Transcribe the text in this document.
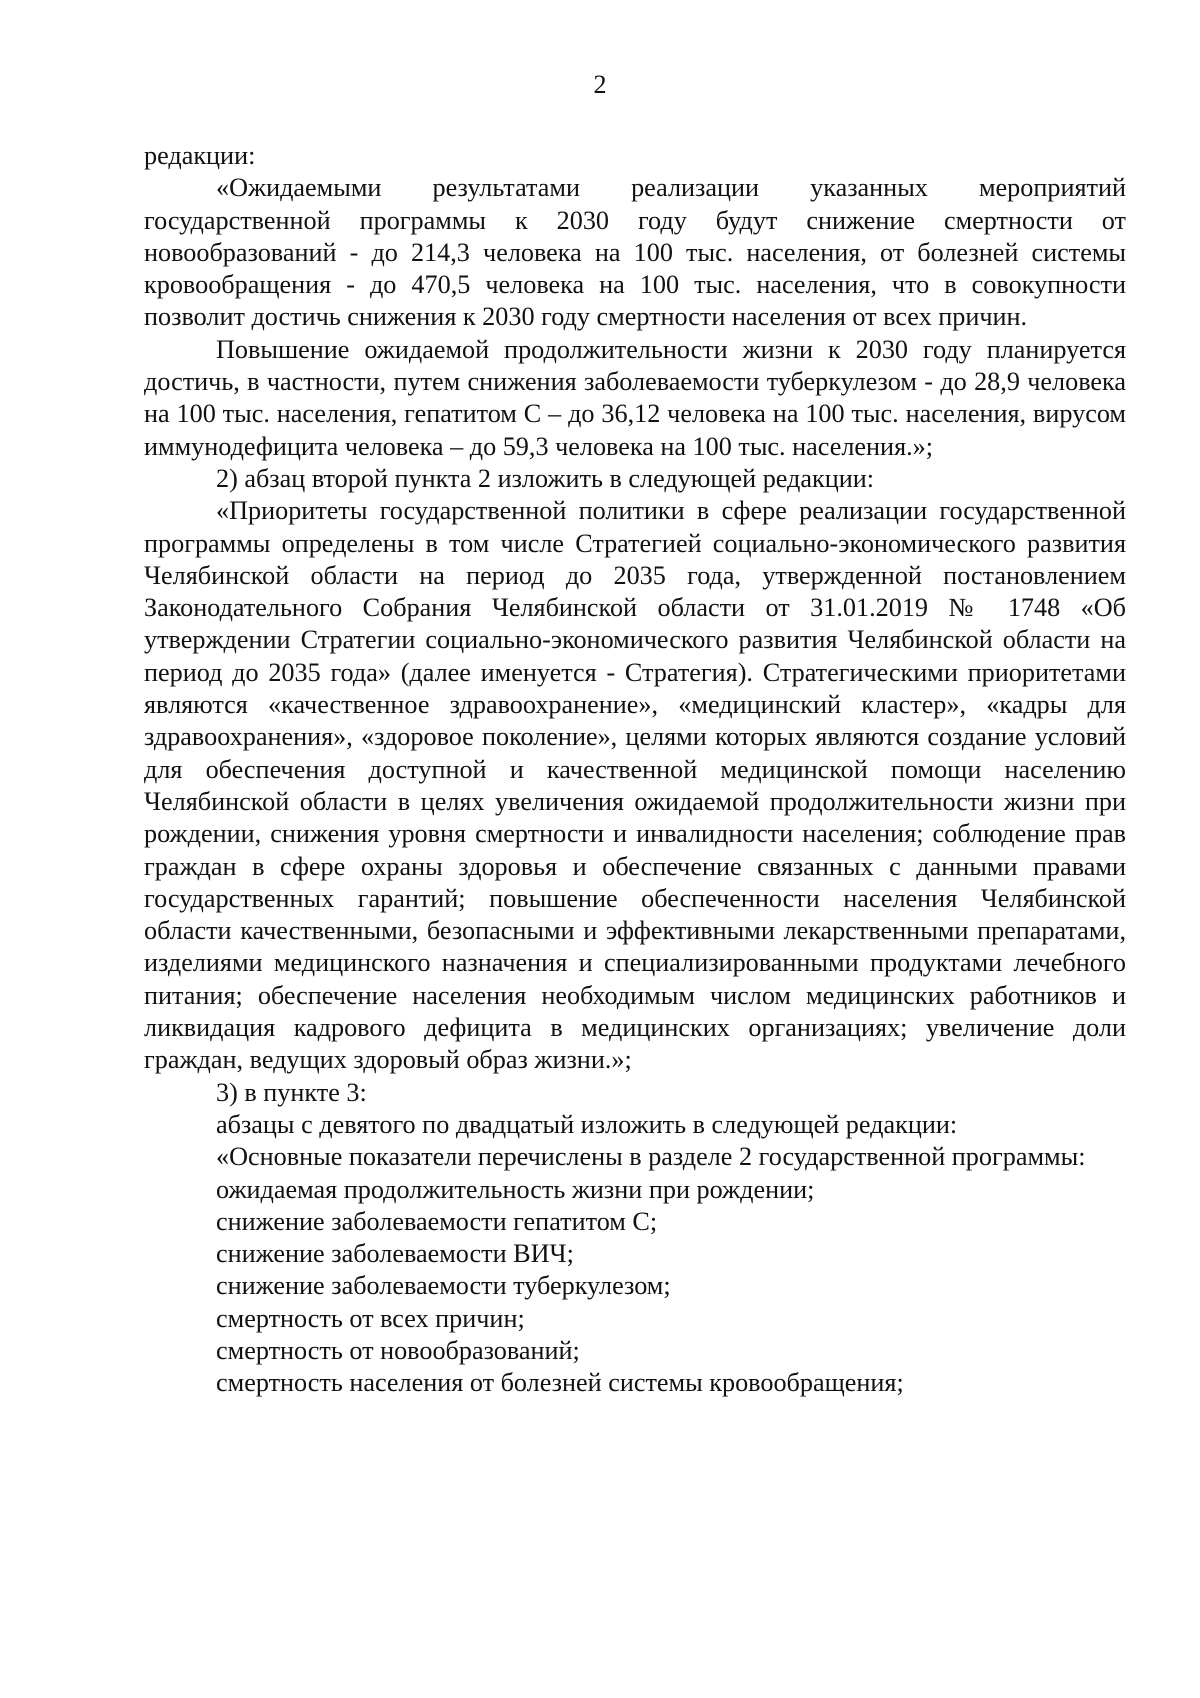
2

редакции:

«Ожидаемыми результатами реализации указанных мероприятий государственной программы к 2030 году будут снижение смертности от новообразований - до 214,3 человека на 100 тыс. населения, от болезней системы кровообращения - до 470,5 человека на 100 тыс. населения, что в совокупности позволит достичь снижения к 2030 году смертности населения от всех причин.

Повышение ожидаемой продолжительности жизни к 2030 году планируется достичь, в частности, путем снижения заболеваемости туберкулезом - до 28,9 человека на 100 тыс. населения, гепатитом С – до 36,12 человека на 100 тыс. населения, вирусом иммунодефицита человека – до 59,3 человека на 100 тыс. населения.»;

2) абзац второй пункта 2 изложить в следующей редакции:

«Приоритеты государственной политики в сфере реализации государственной программы определены в том числе Стратегией социально-экономического развития Челябинской области на период до 2035 года, утвержденной постановлением Законодательного Собрания Челябинской области от 31.01.2019 № 1748 «Об утверждении Стратегии социально-экономического развития Челябинской области на период до 2035 года» (далее именуется - Стратегия). Стратегическими приоритетами являются «качественное здравоохранение», «медицинский кластер», «кадры для здравоохранения», «здоровое поколение», целями которых являются создание условий для обеспечения доступной и качественной медицинской помощи населению Челябинской области в целях увеличения ожидаемой продолжительности жизни при рождении, снижения уровня смертности и инвалидности населения; соблюдение прав граждан в сфере охраны здоровья и обеспечение связанных с данными правами государственных гарантий; повышение обеспеченности населения Челябинской области качественными, безопасными и эффективными лекарственными препаратами, изделиями медицинского назначения и специализированными продуктами лечебного питания; обеспечение населения необходимым числом медицинских работников и ликвидация кадрового дефицита в медицинских организациях; увеличение доли граждан, ведущих здоровый образ жизни.»;

3) в пункте 3:

абзацы с девятого по двадцатый изложить в следующей редакции:

«Основные показатели перечислены в разделе 2 государственной программы:

ожидаемая продолжительность жизни при рождении;

снижение заболеваемости гепатитом С;

снижение заболеваемости ВИЧ;

снижение заболеваемости туберкулезом;

смертность от всех причин;

смертность от новообразований;

смертность населения от болезней системы кровообращения;
